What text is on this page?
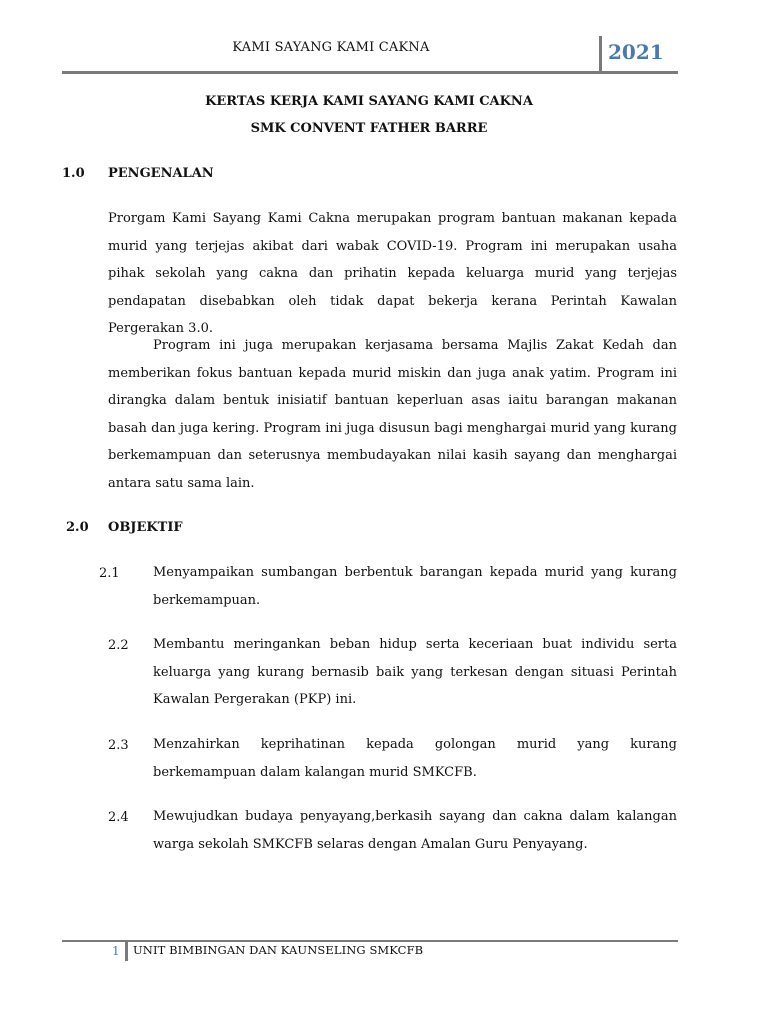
KAMI SAYANG KAMI CAKNA	2021
KERTAS KERJA KAMI SAYANG KAMI CAKNA
SMK CONVENT FATHER BARRE
1.0 PENGENALAN
Prorgam Kami Sayang Kami Cakna merupakan program bantuan makanan kepada murid yang terjejas akibat dari wabak COVID-19. Program ini merupakan usaha pihak sekolah yang cakna dan prihatin kepada keluarga murid yang terjejas pendapatan disebabkan oleh tidak dapat bekerja kerana Perintah Kawalan Pergerakan 3.0.
Program ini juga merupakan kerjasama bersama Majlis Zakat Kedah dan memberikan fokus bantuan kepada murid miskin dan juga anak yatim. Program ini dirangka dalam bentuk inisiatif bantuan keperluan asas iaitu barangan makanan basah dan juga kering. Program ini juga disusun bagi menghargai murid yang kurang berkemampuan dan seterusnya membudayakan nilai kasih sayang dan menghargai antara satu sama lain.
2.0 OBJEKTIF
2.1	Menyampaikan sumbangan berbentuk barangan kepada murid yang kurang berkemampuan.
2.2 Membantu meringankan beban hidup serta keceriaan buat individu serta keluarga yang kurang bernasib baik yang terkesan dengan situasi Perintah Kawalan Pergerakan (PKP) ini.
2.3 Menzahirkan keprihatinan kepada golongan murid yang kurang berkemampuan dalam kalangan murid SMKCFB.
2.4 Mewujudkan budaya penyayang,berkasih sayang dan cakna dalam kalangan warga sekolah SMKCFB selaras dengan Amalan Guru Penyayang.
1 UNIT BIMBINGAN DAN KAUNSELING SMKCFB
